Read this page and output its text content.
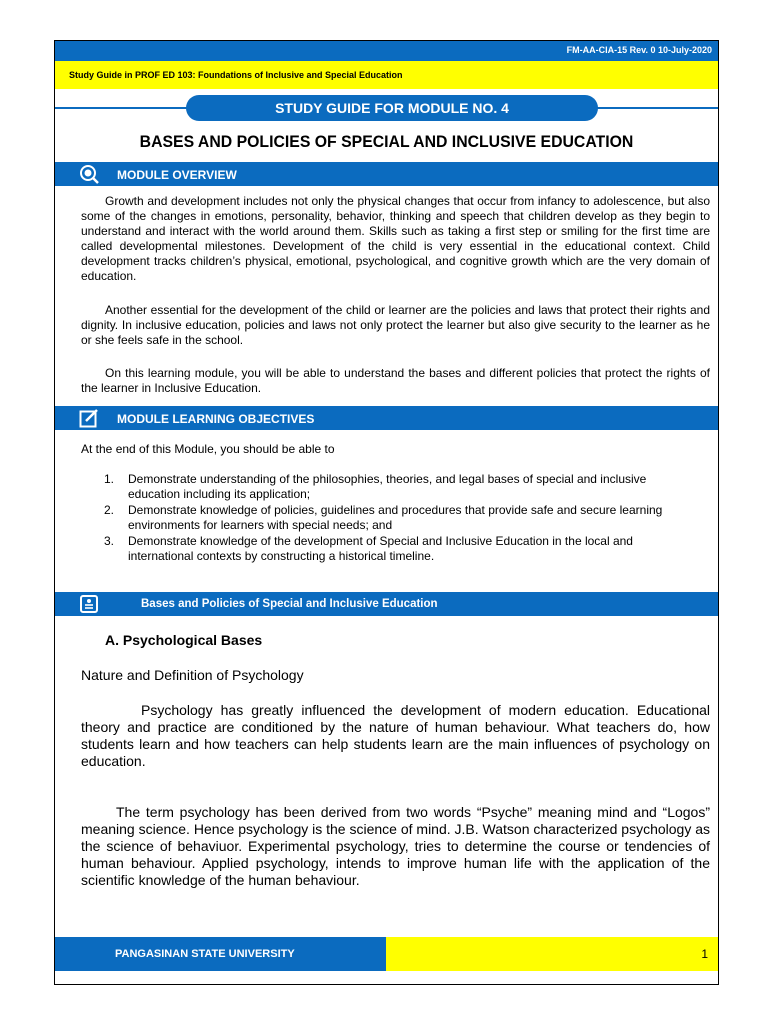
FM-AA-CIA-15 Rev. 0 10-July-2020
Study Guide in PROF ED 103: Foundations of Inclusive and Special Education
STUDY GUIDE FOR MODULE NO. 4
BASES AND POLICIES OF SPECIAL AND INCLUSIVE EDUCATION
MODULE OVERVIEW

Growth and development includes not only the physical changes that occur from infancy to adolescence, but also some of the changes in emotions, personality, behavior, thinking and speech that children develop as they begin to understand and interact with the world around them. Skills such as taking a first step or smiling for the first time are called developmental milestones. Development of the child is very essential in the educational context. Child development tracks children’s physical, emotional, psychological, and cognitive growth which are the very domain of education.

Another essential for the development of the child or learner are the policies and laws that protect their rights and dignity. In inclusive education, policies and laws not only protect the learner but also give security to the learner as he or she feels safe in the school.

On this learning module, you will be able to understand the bases and different policies that protect the rights of the learner in Inclusive Education.

MODULE LEARNING OBJECTIVES
At the end of this Module, you should be able to
1. Demonstrate understanding of the philosophies, theories, and legal bases of special and inclusive education including its application;
2. Demonstrate knowledge of policies, guidelines and procedures that provide safe and secure learning environments for learners with special needs; and
3. Demonstrate knowledge of the development of Special and Inclusive Education in the local and international contexts by constructing a historical timeline.
Bases and Policies of Special and Inclusive Education
A. Psychological Bases
Nature and Definition of Psychology

Psychology has greatly influenced the development of modern education. Educational theory and practice are conditioned by the nature of human behaviour. What teachers do, how students learn and how teachers can help students learn are the main influences of psychology on education.

The term psychology has been derived from two words “Psyche” meaning mind and “Logos” meaning science. Hence psychology is the science of mind. J.B. Watson characterized psychology as the science of behaviuor. Experimental psychology, tries to determine the course or tendencies of human behaviour. Applied psychology, intends to improve human life with the application of the scientific knowledge of the human behaviour.

PANGASINAN STATE UNIVERSITY	1
